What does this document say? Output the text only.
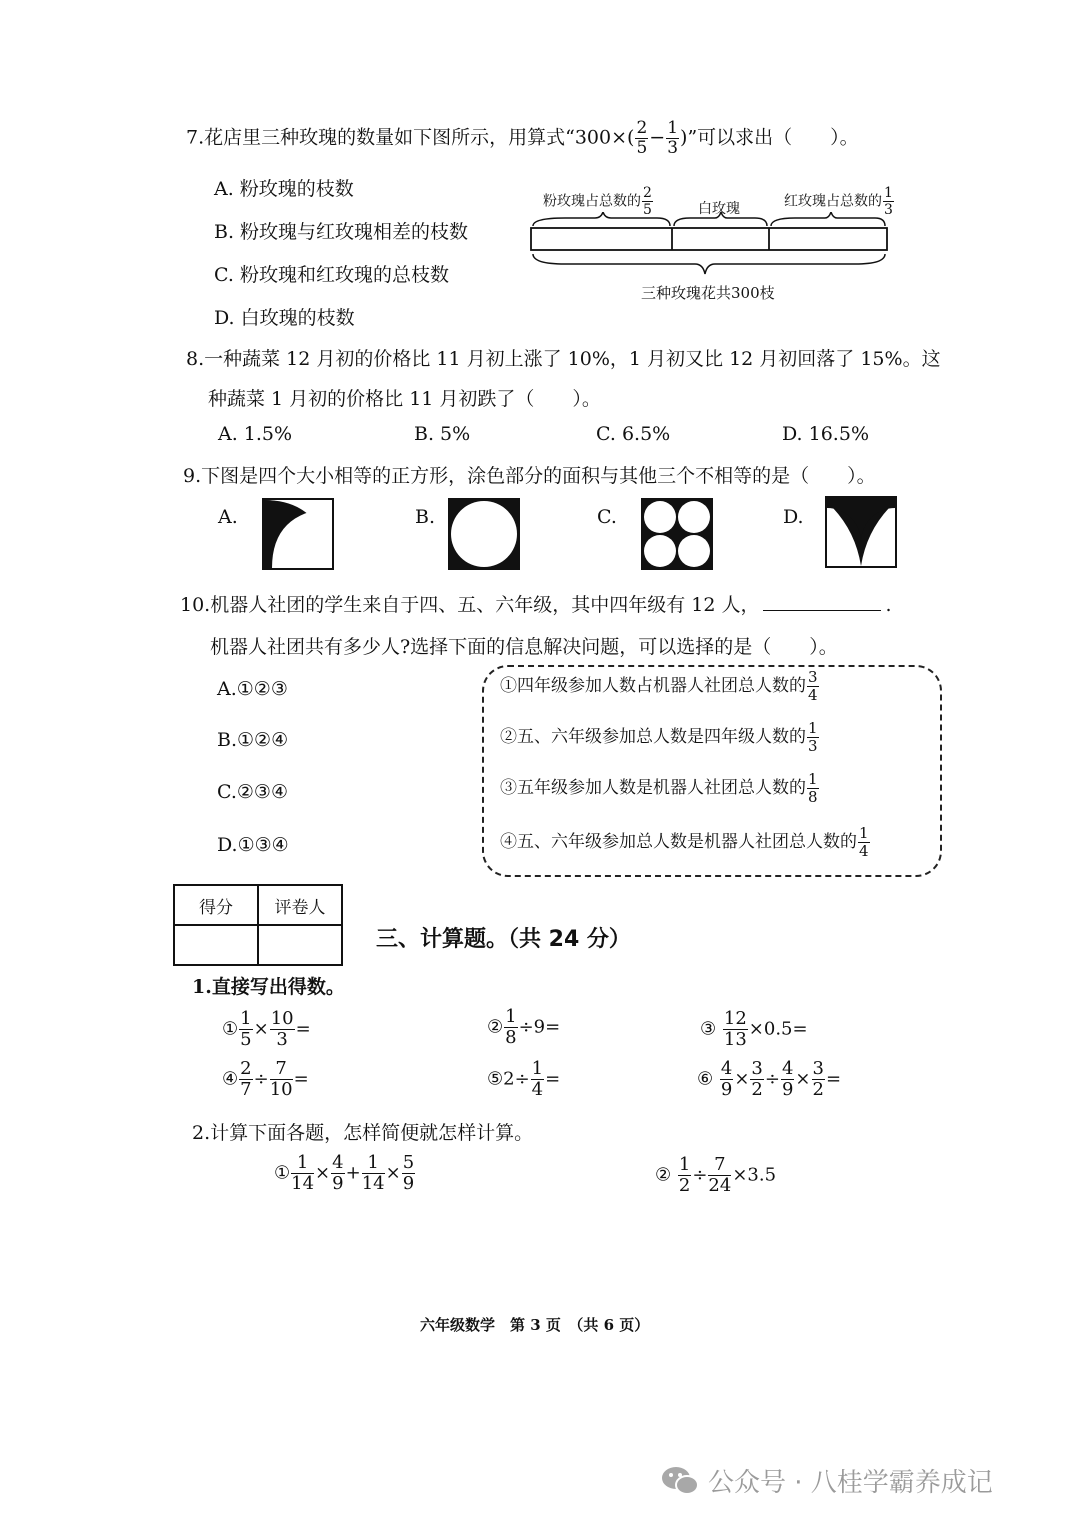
7.花店里三种玫瑰的数量如下图所示，用算式“$300\times( \frac{2}{5} - \frac{1}{3}$ )”可以求出（　　）。
A. 粉玫瑰的枝数
B. 粉玫瑰与红玫瑰相差的枝数
C. 粉玫瑰和红玫瑰的总枝数
D. 白玫瑰的枝数
粉玫瑰占总数的 $\frac{2}{5}$	白玫瑰	红玫瑰占总数的 $\frac{1}{3}$
三种玫瑰花共300枝
8.一种蔬菜 12 月初的价格比 11 月初上涨了 10%，1 月初又比 12 月初回落了 15%。这
种蔬菜 1 月初的价格比 11 月初跌了（　　）。
A. 1.5%	B. 5%	C. 6.5%	D. 16.5%
9.下图是四个大小相等的正方形，涂色部分的面积与其他三个不相等的是（　　）。
A.	B.	C.	D.
10.机器人社团的学生来自于四、五、六年级，其中四年级有 12 人，	.
机器人社团共有多少人?选择下面的信息解决问题，可以选择的是（　　）。
A.①②③
B.①②④
C.②③④
D.①③④
①四年级参加人数占机器人社团总人数的 $\frac{3}{4}$
②五、六年级参加总人数是四年级人数的 $\frac{1}{3}$
③五年级参加人数是机器人社团总人数的 $\frac{1}{8}$
④五、六年级参加总人数是机器人社团总人数的 $\frac{1}{4}$
得分	评卷人

三、计算题。（共 24 分）
1.直接写出得数。
① $\frac{1}{5} \times \frac{10}{3}$ =	② $\frac{1}{8} \div 9=$	③ $\frac{12}{13} \times 0.5=$
④ $\frac{2}{7} \div \frac{7}{10}$ =	⑤2÷ $\frac{1}{4}$ =	⑥ $\frac{4}{9} \times \frac{3}{2} \div \frac{4}{9} \times \frac{3}{2}$ =
2.计算下面各题，怎样简便就怎样计算。
① $\frac{1}{14} \times \frac{4}{9} + \frac{1}{14} \times \frac{5}{9}$	② $\frac{1}{2} \div \frac{7}{24} \times 3.5$
六年级数学　第 3 页　（共 6 页）
公众号 · 八桂学霸养成记
